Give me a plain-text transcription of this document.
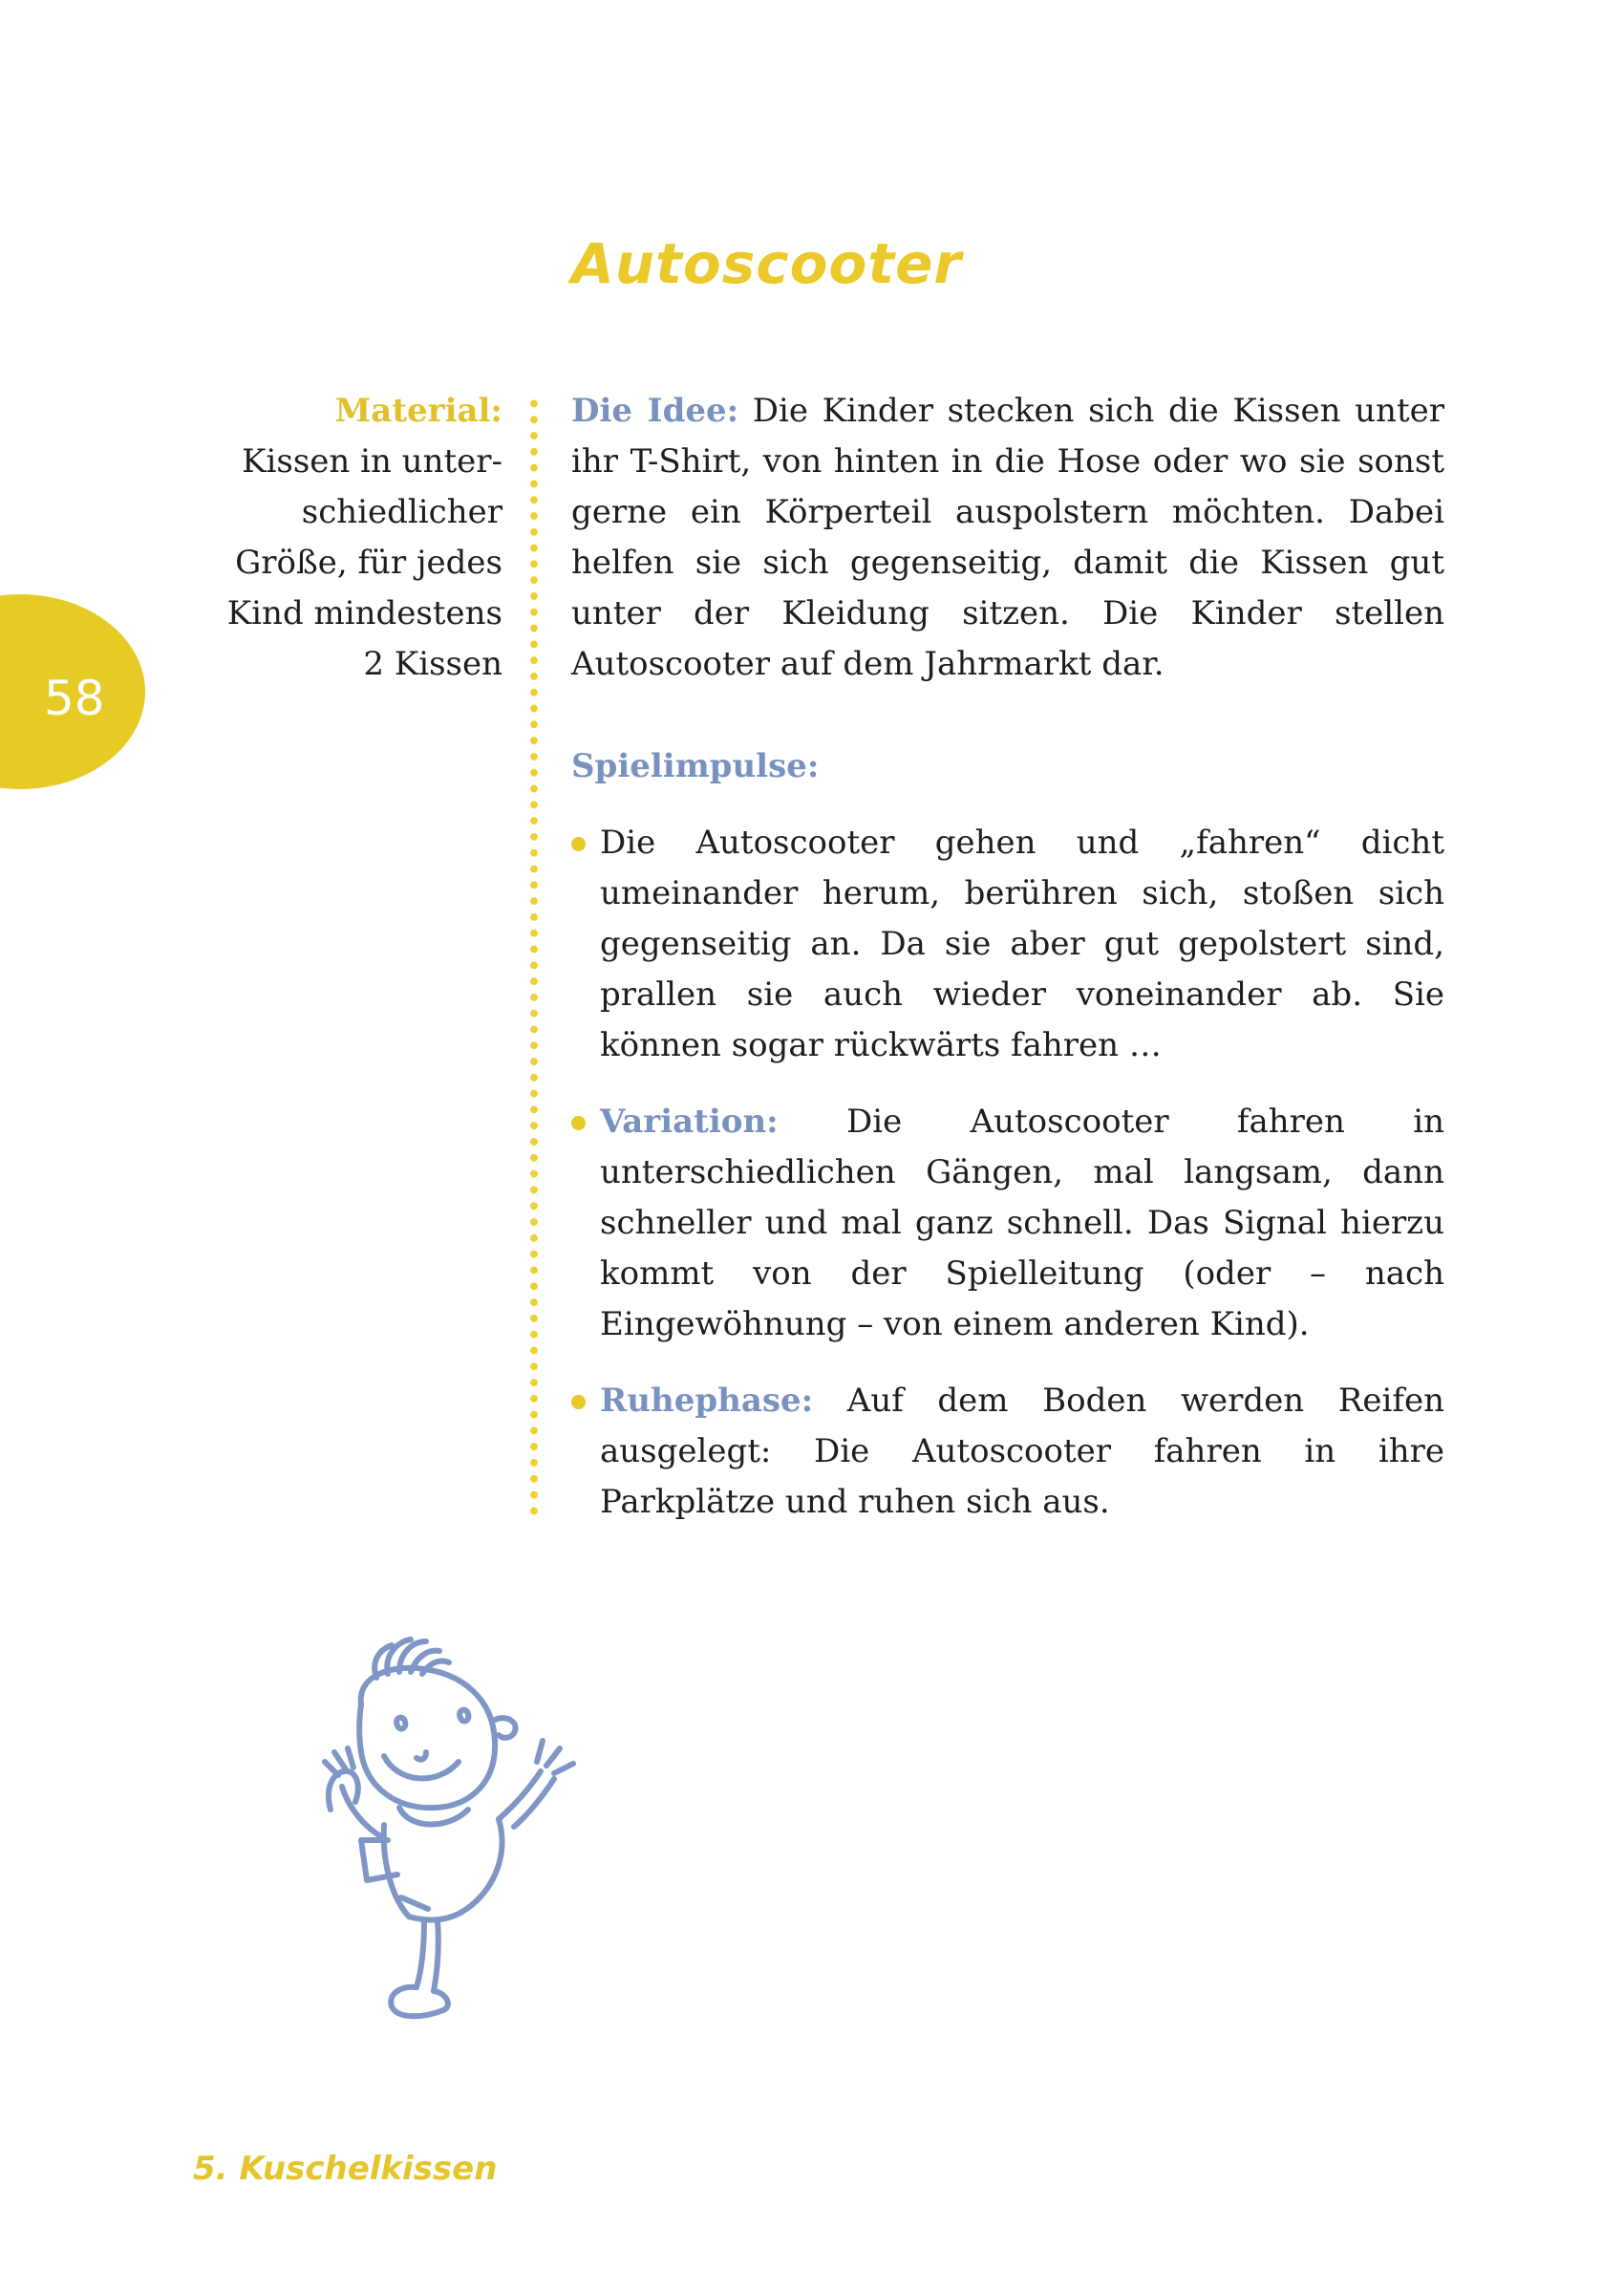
58
Autoscooter
Material:
Kissen in unter-
schiedlicher
Größe, für jedes
Kind mindestens
2 Kissen

Die Idee: Die Kinder stecken sich die Kissen unter ihr T-Shirt, von hinten in die Hose oder wo sie sonst gerne ein Körperteil auspolstern möchten. Dabei helfen sie sich gegenseitig, damit die Kissen gut unter der Kleidung sitzen. Die Kinder stellen Autoscooter auf dem Jahrmarkt dar.

Spielimpulse:
Die Autoscooter gehen und „fahren“ dicht umeinander herum, berühren sich, stoßen sich gegenseitig an. Da sie aber gut gepolstert sind, prallen sie auch wieder voneinander ab. Sie können sogar rückwärts fahren …
Variation: Die Autoscooter fahren in unterschiedlichen Gängen, mal langsam, dann schneller und mal ganz schnell. Das Signal hierzu kommt von der Spielleitung (oder – nach Eingewöhnung – von einem anderen Kind).
Ruhephase: Auf dem Boden werden Reifen ausgelegt: Die Autoscooter fahren in ihre Parkplätze und ruhen sich aus.
5. Kuschelkissen
